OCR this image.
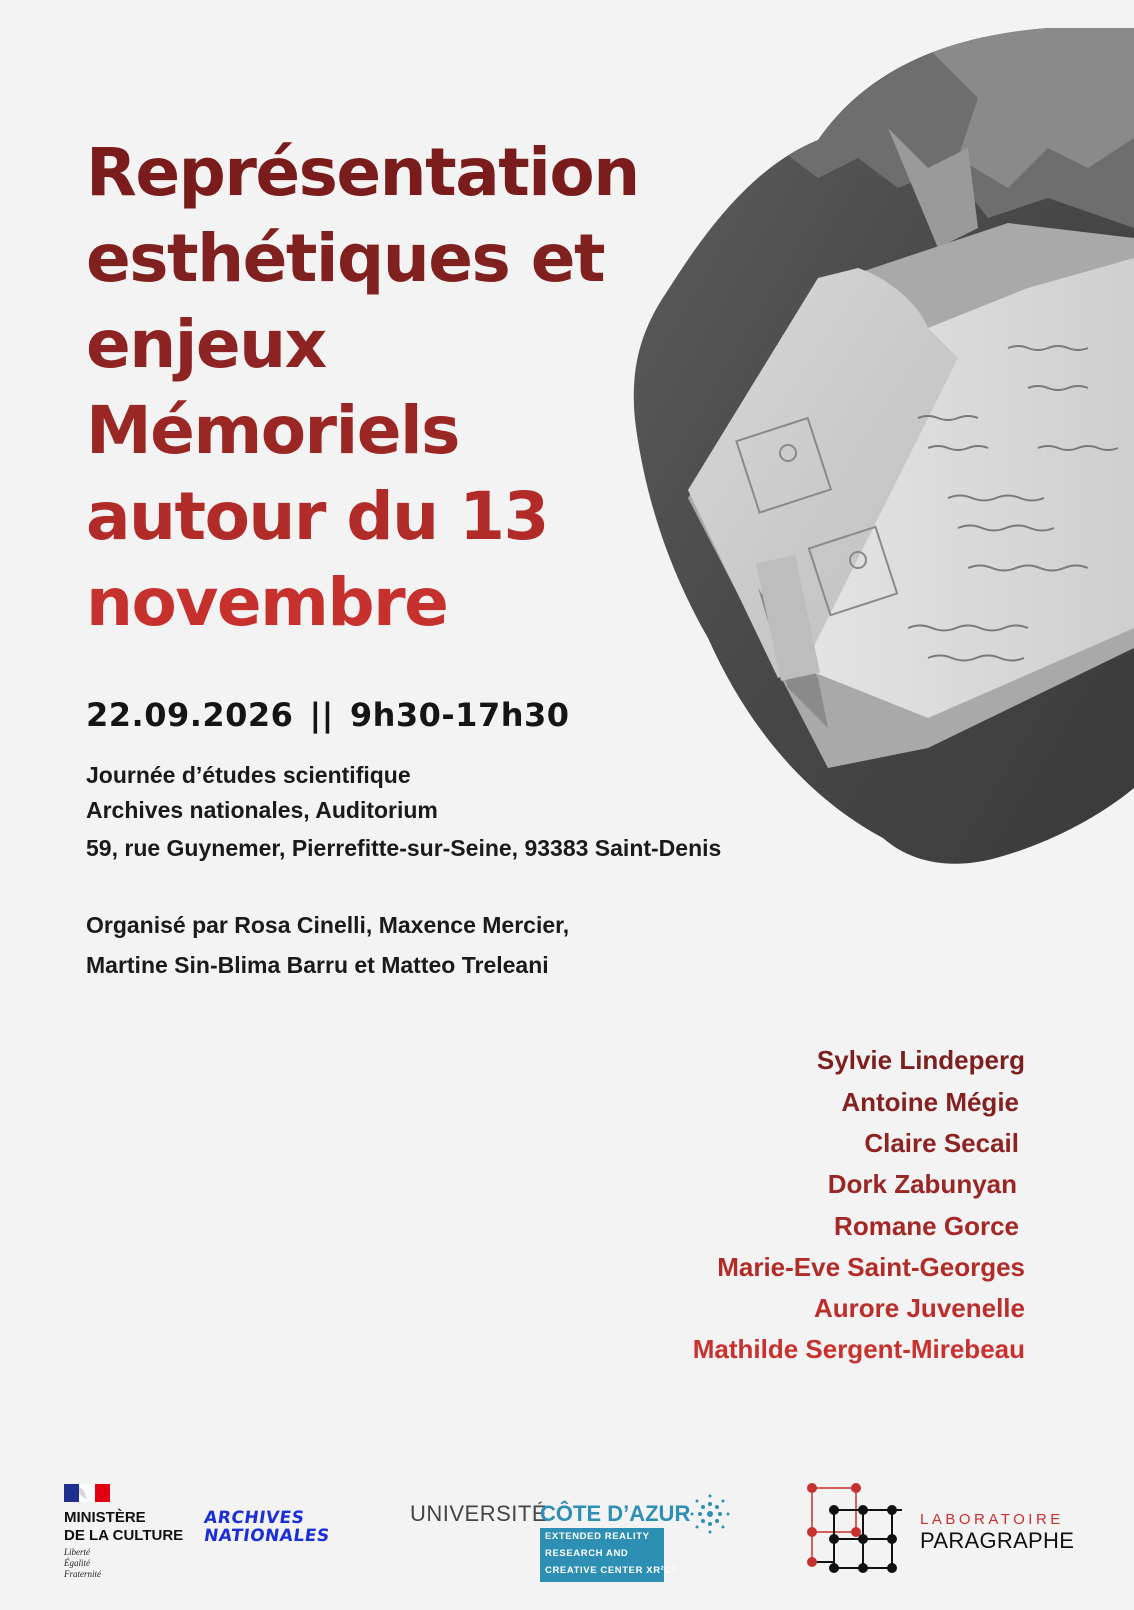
Représentation
esthétiques et
enjeux
Mémoriels
autour du 13
novembre
22.09.2026 || 9h30-17h30
Journée d’études scientifique
Archives nationales, Auditorium
59, rue Guynemer, Pierrefitte-sur-Seine, 93383 Saint-Denis
Organisé par Rosa Cinelli, Maxence Mercier,
Martine Sin-Blima Barru et Matteo Treleani
Sylvie Lindeperg
Antoine Mégie
Claire Secail
Dork Zabunyan
Romane Gorce
Marie-Eve Saint-Georges
Aurore Juvenelle
Mathilde Sergent-Mirebeau
MINISTÈRE
DE LA CULTURE
Liberté
Égalité
Fraternité
ARCHIVES
NATIONALES
UNIVERSITÉ
CÔTE D’AZUR
EXTENDED REALITY
RESEARCH AND
CREATIVE CENTER XR²C²
LABORATOIRE
PARAGRAPHE
